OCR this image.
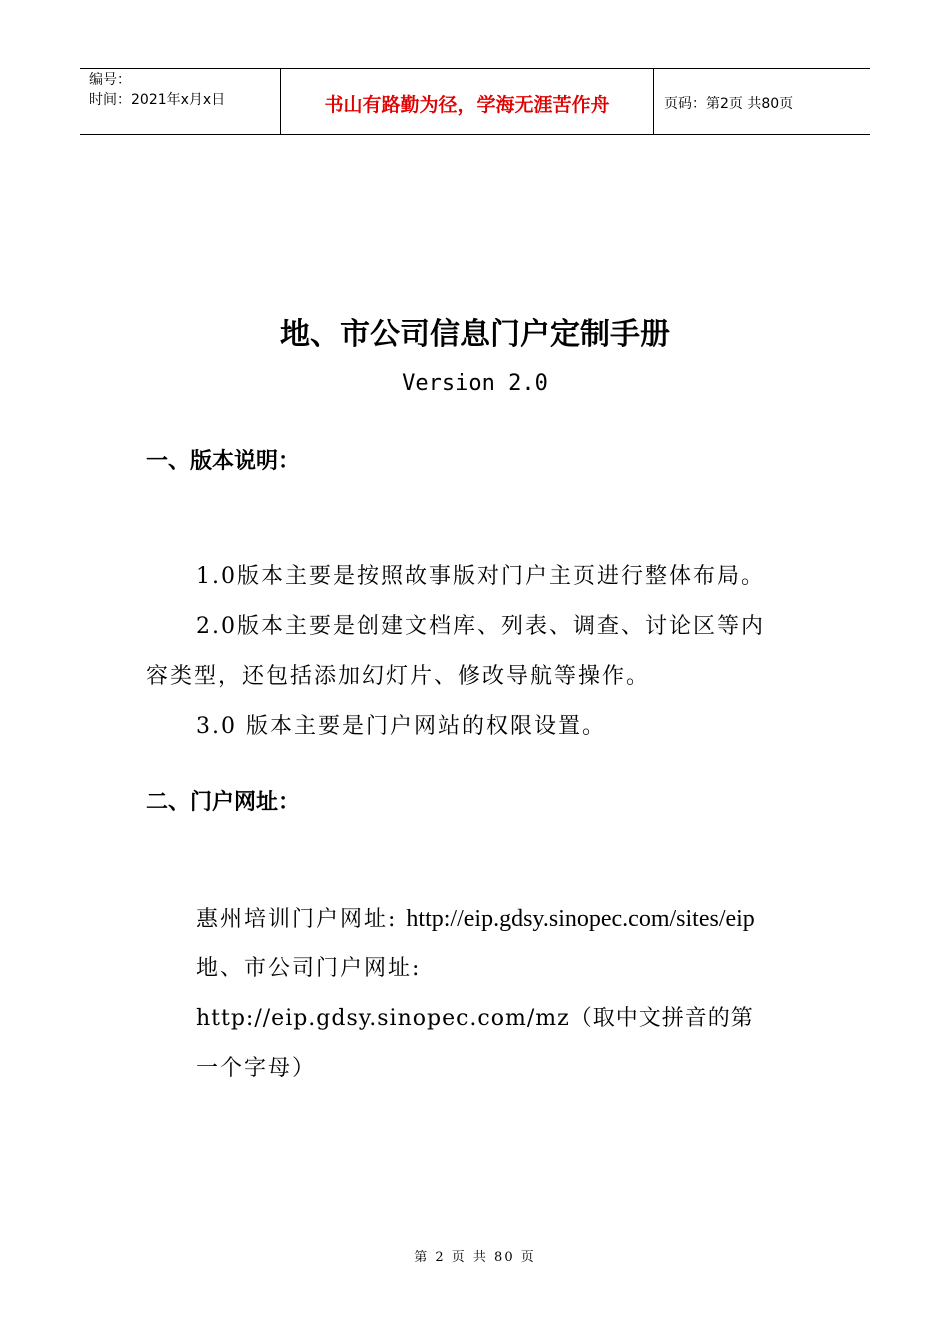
编号：
时间：2021年x月x日	书山有路勤为径，学海无涯苦作舟	页码：第2页 共80页
地、市公司信息门户定制手册
Version 2.0
一、版本说明：
1.0版本主要是按照故事版对门户主页进行整体布局。
2.0版本主要是创建文档库、列表、调查、讨论区等内
容类型，还包括添加幻灯片、修改导航等操作。
3.0 版本主要是门户网站的权限设置。
二、门户网址：
惠州培训门户网址: http://eip.gdsy.sinopec.com/sites/eip
地、市公司门户网址:
http://eip.gdsy.sinopec.com/mz（取中文拼音的第
一个字母）
第 2 页 共 80 页
